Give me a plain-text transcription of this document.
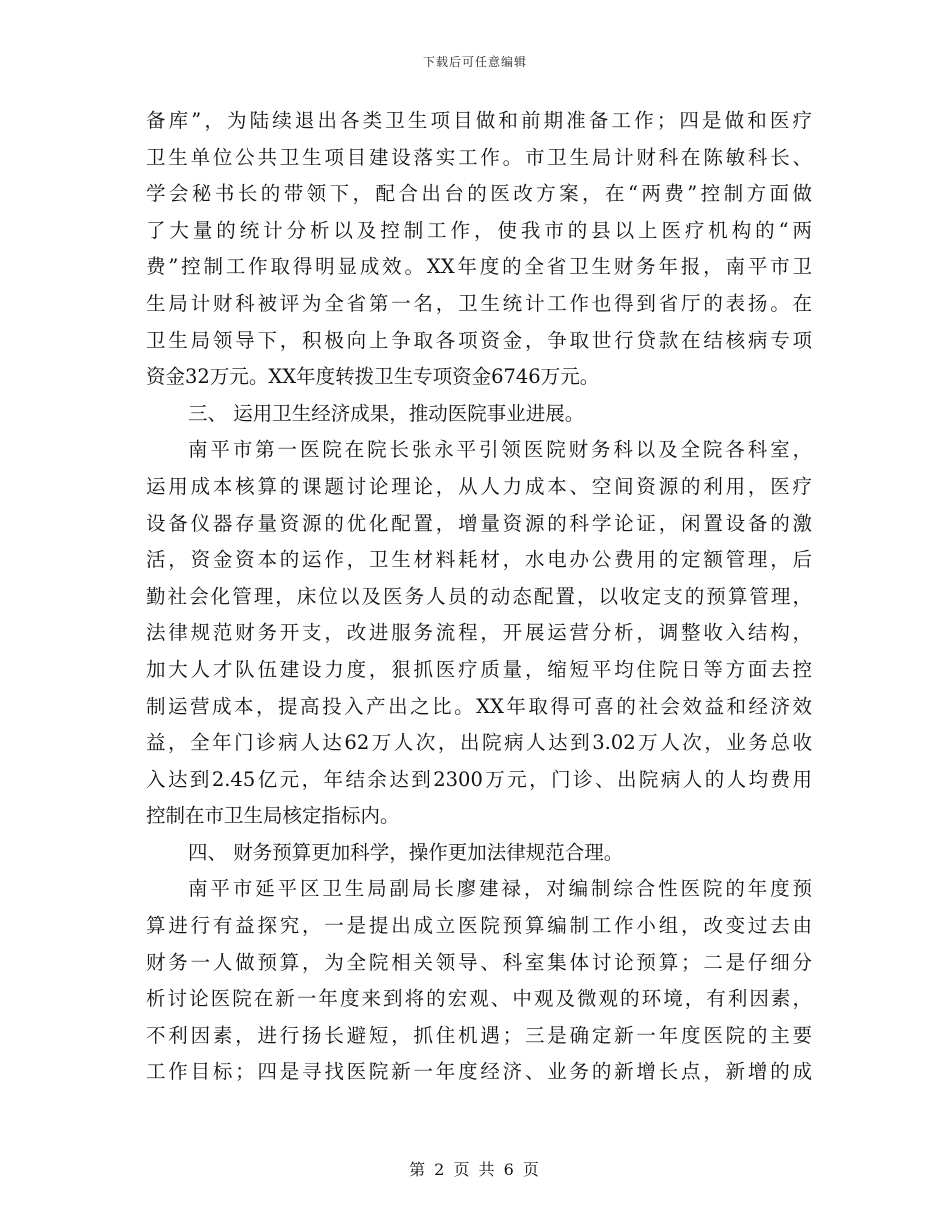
下载后可任意编辑
备库”，为陆续退出各类卫生项目做和前期准备工作；四是做和医疗
卫生单位公共卫生项目建设落实工作。市卫生局计财科在陈敏科长、
学会秘书长的带领下，配合出台的医改方案，在“两费”控制方面做
了大量的统计分析以及控制工作，使我市的县以上医疗机构的“两
费”控制工作取得明显成效。XX年度的全省卫生财务年报，南平市卫
生局计财科被评为全省第一名，卫生统计工作也得到省厅的表扬。在
卫生局领导下，积极向上争取各项资金，争取世行贷款在结核病专项
资金32万元。XX年度转拨卫生专项资金6746万元。
三、 运用卫生经济成果，推动医院事业进展。
南平市第一医院在院长张永平引领医院财务科以及全院各科室，
运用成本核算的课题讨论理论，从人力成本、空间资源的利用，医疗
设备仪器存量资源的优化配置，增量资源的科学论证，闲置设备的激
活，资金资本的运作，卫生材料耗材，水电办公费用的定额管理，后
勤社会化管理，床位以及医务人员的动态配置，以收定支的预算管理，
法律规范财务开支，改进服务流程，开展运营分析，调整收入结构，
加大人才队伍建设力度，狠抓医疗质量，缩短平均住院日等方面去控
制运营成本，提高投入产出之比。XX年取得可喜的社会效益和经济效
益，全年门诊病人达62万人次，出院病人达到3.02万人次，业务总收
入达到2.45亿元，年结余达到2300万元，门诊、出院病人的人均费用
控制在市卫生局核定指标内。
四、 财务预算更加科学，操作更加法律规范合理。
南平市延平区卫生局副局长廖建禄，对编制综合性医院的年度预
算进行有益探究，一是提出成立医院预算编制工作小组，改变过去由
财务一人做预算，为全院相关领导、科室集体讨论预算；二是仔细分
析讨论医院在新一年度来到将的宏观、中观及微观的环境，有利因素，
不利因素，进行扬长避短，抓住机遇；三是确定新一年度医院的主要
工作目标；四是寻找医院新一年度经济、业务的新增长点，新增的成
第 2 页 共 6 页
